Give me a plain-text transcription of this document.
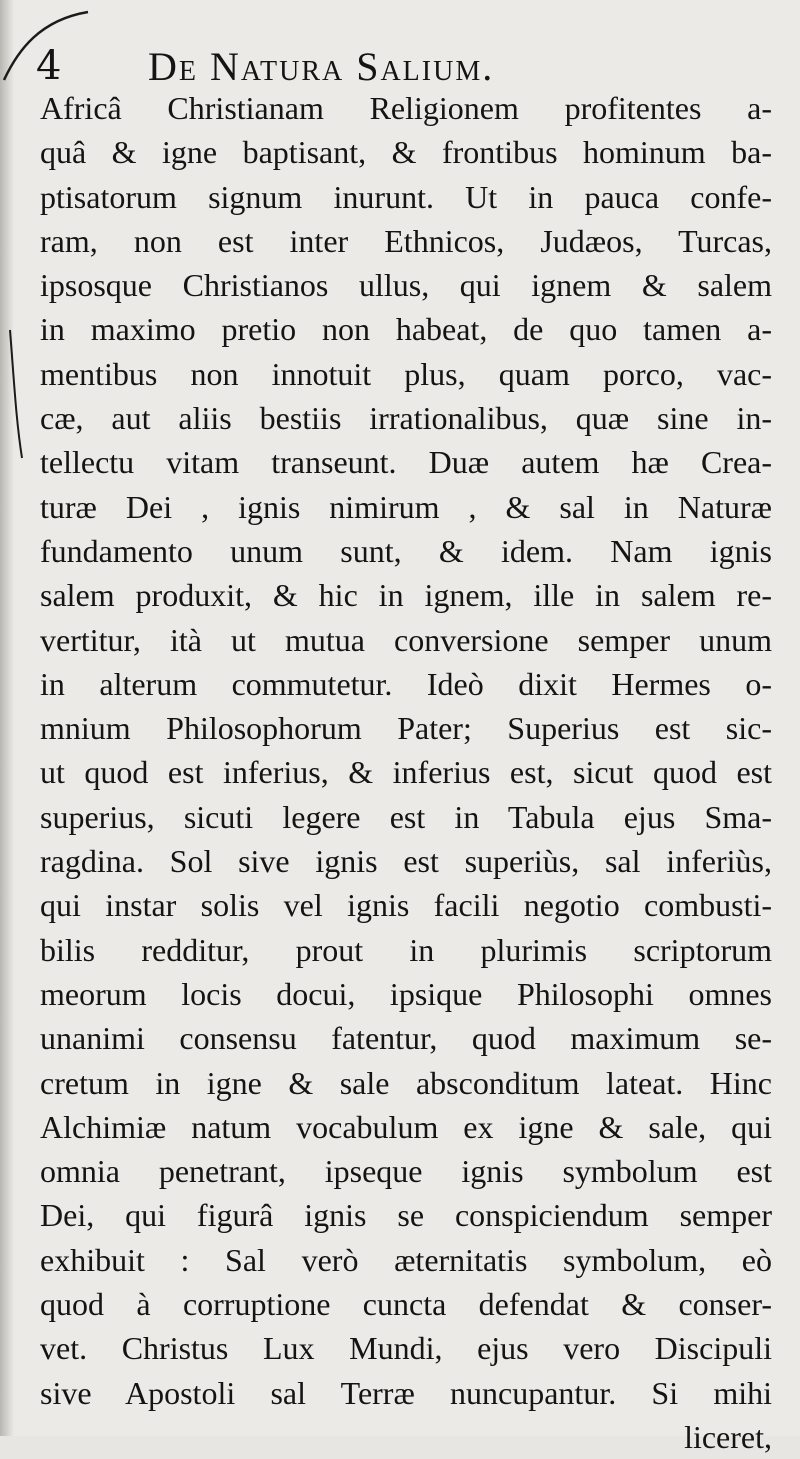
4 De Natura Salium.
Africâ Christianam Religionem profitentes a-
quâ & igne baptisant, & frontibus hominum ba-
ptisatorum signum inurunt. Ut in pauca confe-
ram, non est inter Ethnicos, Judæos, Turcas,
ipsosque Christianos ullus, qui ignem & salem
in maximo pretio non habeat, de quo tamen a-
mentibus non innotuit plus, quam porco, vac-
cæ, aut aliis bestiis irrationalibus, quæ sine in-
tellectu vitam transeunt. Duæ autem hæ Crea-
turæ Dei , ignis nimirum , & sal in Naturæ
fundamento unum sunt, & idem. Nam ignis
salem produxit, & hic in ignem, ille in salem re-
vertitur, ità ut mutua conversione semper unum
in alterum commutetur. Ideò dixit Hermes o-
mnium Philosophorum Pater; Superius est sic-
ut quod est inferius, & inferius est, sicut quod est
superius, sicuti legere est in Tabula ejus Sma-
ragdina. Sol sive ignis est superiùs, sal inferiùs,
qui instar solis vel ignis facili negotio combusti-
bilis redditur, prout in plurimis scriptorum
meorum locis docui, ipsique Philosophi omnes
unanimi consensu fatentur, quod maximum se-
cretum in igne & sale absconditum lateat. Hinc
Alchimiæ natum vocabulum ex igne & sale, qui
omnia penetrant, ipseque ignis symbolum est
Dei, qui figurâ ignis se conspiciendum semper
exhibuit : Sal verò æternitatis symbolum, eò
quod à corruptione cuncta defendat & conser-
vet. Christus Lux Mundi, ejus vero Discipuli
sive Apostoli sal Terræ nuncupantur. Si mihi
liceret,
